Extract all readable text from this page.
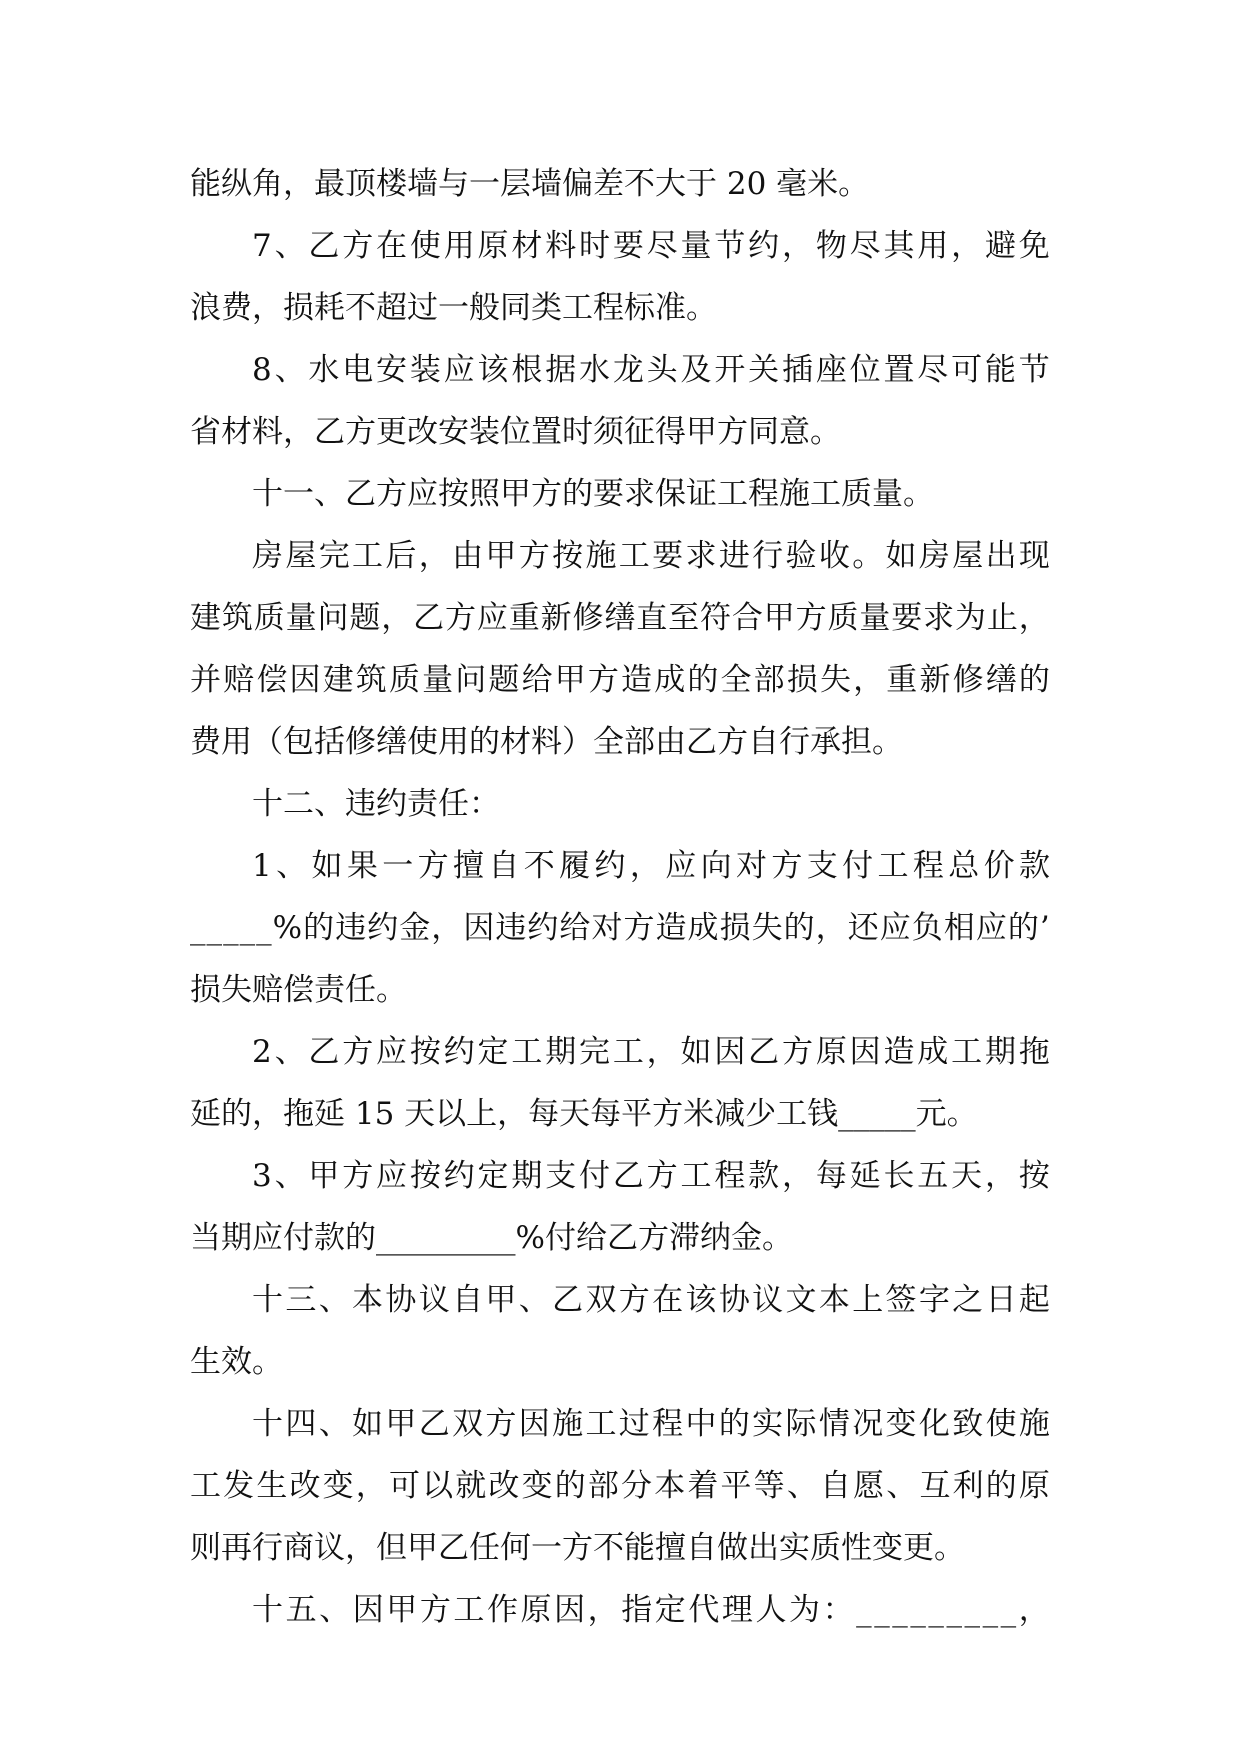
能纵角，最顶楼墙与一层墙偏差不大于 20 毫米。
7 、 乙 方 在 使 用 原 材 料 时 要 尽 量 节 约 ， 物 尽 其 用 ， 避 免
浪费，损耗不超过一般同类工程标准。
8 、 水 电 安 装 应 该 根 据 水 龙 头 及 开 关 插 座 位 置 尽 可 能 节
省材料，乙方更改安装位置时须征得甲方同意。
十一、乙方应按照甲方的要求保证工程施工质量。
房 屋 完 工 后 ， 由 甲 方 按 施 工 要 求 进 行 验 收 。 如 房 屋 出 现
建 筑 质 量 问 题 ， 乙 方 应 重 新 修 缮 直 至 符 合 甲 方 质 量 要 求 为 止 ，
并 赔 偿 因 建 筑 质 量 问 题 给 甲 方 造 成 的 全 部 损 失 ， 重 新 修 缮 的
费用（包括修缮使用的材料）全部由乙方自行承担。
十二、违约责任：
1 、 如 果 一 方 擅 自 不 履 约 ， 应 向 对 方 支 付 工 程 总 价 款
_ _ _ _ _ % 的 违 约 金 ， 因 违 约 给 对 方 造 成 损 失 的 ， 还 应 负 相 应 的 ’
损失赔偿责任。
2 、 乙 方 应 按 约 定 工 期 完 工 ， 如 因 乙 方 原 因 造 成 工 期 拖
延的，拖延 15 天以上，每天每平方米减少工钱_____元。
3 、 甲 方 应 按 约 定 期 支 付 乙 方 工 程 款 ， 每 延 长 五 天 ， 按
当期应付款的_________%付给乙方滞纳金。
十 三 、 本 协 议 自 甲 、 乙 双 方 在 该 协 议 文 本 上 签 字 之 日 起
生效。
十 四 、 如 甲 乙 双 方 因 施 工 过 程 中 的 实 际 情 况 变 化 致 使 施
工 发 生 改 变 ， 可 以 就 改 变 的 部 分 本 着 平 等 、 自 愿 、 互 利 的 原
则再行商议，但甲乙任何一方不能擅自做出实质性变更。
十 五 、 因 甲 方 工 作 原 因 ， 指 定 代 理 人 为 ： _ _ _ _ _ _ _ _ _ ，
